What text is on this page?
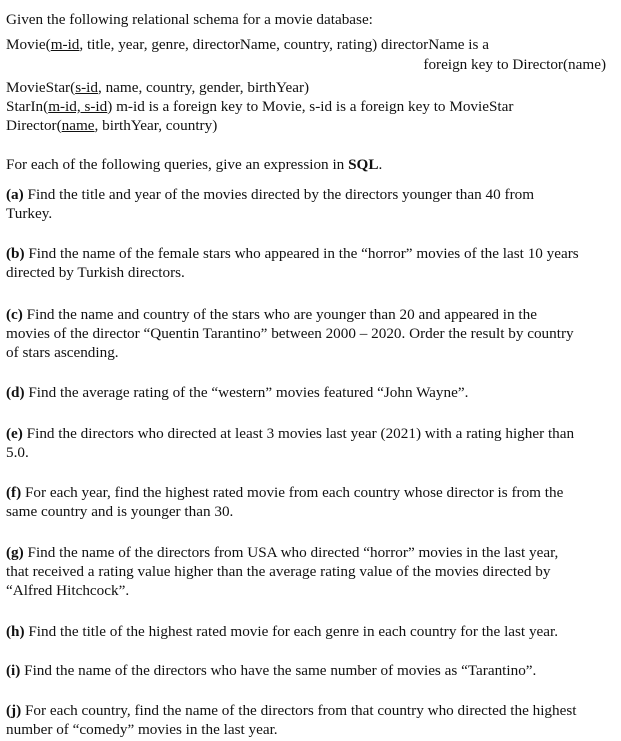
Given the following relational schema for a movie database:
Movie(m-id, title, year, genre, directorName, country, rating) directorName is a
foreign key to Director(name)
MovieStar(s-id, name, country, gender, birthYear)
StarIn(m-id, s-id) m-id is a foreign key to Movie, s-id is a foreign key to MovieStar
Director(name, birthYear, country)
For each of the following queries, give an expression in SQL.
(a) Find the title and year of the movies directed by the directors younger than 40 from
Turkey.
(b) Find the name of the female stars who appeared in the “horror” movies of the last 10 years
directed by Turkish directors.
(c) Find the name and country of the stars who are younger than 20 and appeared in the
movies of the director “Quentin Tarantino” between 2000 – 2020. Order the result by country
of stars ascending.
(d) Find the average rating of the “western” movies featured “John Wayne”.
(e) Find the directors who directed at least 3 movies last year (2021) with a rating higher than
5.0.
(f) For each year, find the highest rated movie from each country whose director is from the
same country and is younger than 30.
(g) Find the name of the directors from USA who directed “horror” movies in the last year,
that received a rating value higher than the average rating value of the movies directed by
“Alfred Hitchcock”.
(h) Find the title of the highest rated movie for each genre in each country for the last year.
(i) Find the name of the directors who have the same number of movies as “Tarantino”.
(j) For each country, find the name of the directors from that country who directed the highest
number of “comedy” movies in the last year.
